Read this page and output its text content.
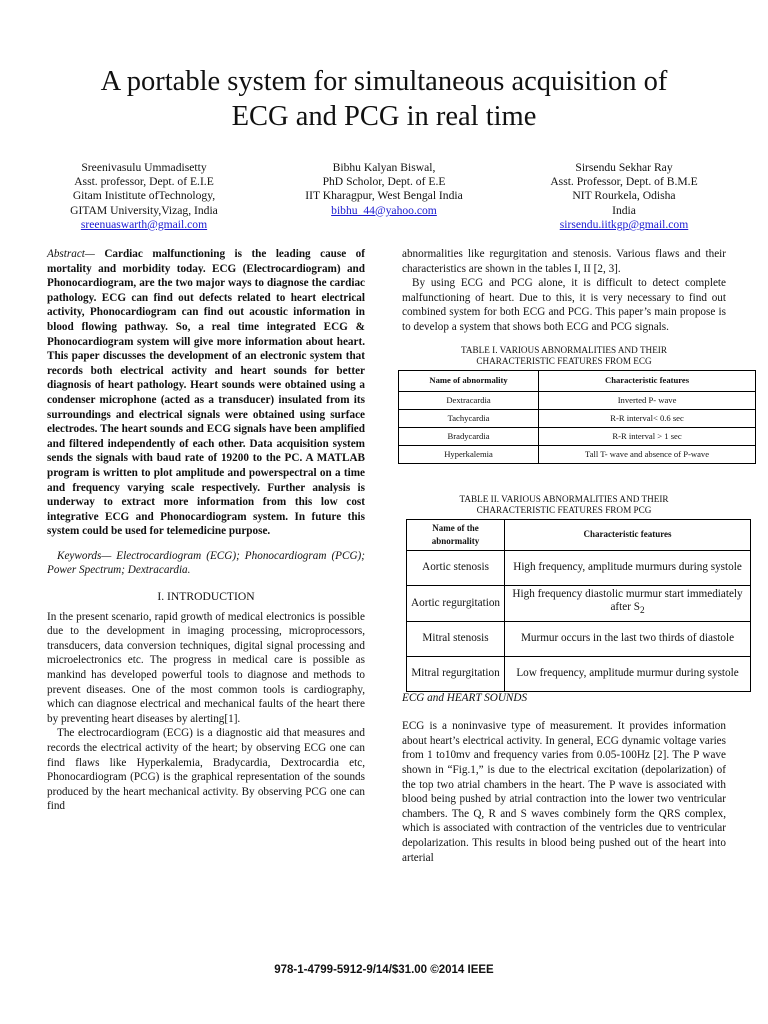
A portable system for simultaneous acquisition of
ECG and PCG in real time
Sreenivasulu Ummadisetty
Asst. professor, Dept. of E.I.E
Gitam Inistitute ofTechnology,
GITAM University,Vizag, India
sreenuaswarth@gmail.com
Bibhu Kalyan Biswal,
PhD Scholor, Dept. of E.E
IIT Kharagpur, West Bengal India
bibhu_44@yahoo.com
Sirsendu Sekhar Ray
Asst. Professor, Dept. of B.M.E
NIT Rourkela, Odisha
India
sirsendu.iitkgp@gmail.com

Abstract— Cardiac malfunctioning is the leading cause of mortality and morbidity today. ECG (Electrocardiogram) and Phonocardiogram, are the two major ways to diagnose the cardiac pathology. ECG can find out defects related to heart electrical activity, Phonocardiogram can find out acoustic information in blood flowing pathway. So, a real time integrated ECG & Phonocardiogram system will give more information about heart. This paper discusses the development of an electronic system that records both electrical activity and heart sounds for better diagnosis of heart pathology. Heart sounds were obtained using a condenser microphone (acted as a transducer) insulated from its surroundings and electrical signals were obtained using surface electrodes. The heart sounds and ECG signals have been amplified and filtered independently of each other. Data acquisition system sends the signals with baud rate of 19200 to the PC. A MATLAB program is written to plot amplitude and powerspectral on a time and frequency varying scale respectively. Further analysis is underway to extract more information from this low cost integrative ECG and Phonocardiogram system. In future this system could be used for telemedicine purpose.

Keywords— Electrocardiogram (ECG); Phonocardiogram (PCG); Power Spectrum; Dextracardia.

I. INTRODUCTION

In the present scenario, rapid growth of medical electronics is possible due to the development in imaging processing, microprocessors, transducers, data conversion techniques, digital signal processing and microelectronics etc. The progress in medical care is possible as mankind has developed powerful tools to diagnose and methods to prevent diseases. One of the most common tools is cardiography, which can diagnose electrical and mechanical faults of the heart there by preventing heart diseases by alerting[1].

The electrocardiogram (ECG) is a diagnostic aid that measures and records the electrical activity of the heart; by observing ECG one can find flaws like Hyperkalemia, Bradycardia, Dextrocardia etc, Phonocardiogram (PCG) is the graphical representation of the sounds produced by the heart mechanical activity. By observing PCG one can find

abnormalities like regurgitation and stenosis. Various flaws and their characteristics are shown in the tables I, II [2, 3].

By using ECG and PCG alone, it is difficult to detect complete malfunctioning of heart. Due to this, it is very necessary to find out combined system for both ECG and PCG. This paper’s main propose is to develop a system that shows both ECG and PCG signals.

TABLE I. VARIOUS ABNORMALITIES AND THEIR
CHARACTERISTIC FEATURES FROM ECG
Name of abnormality	Characteristic features
Dextracardia	Inverted P- wave
Tachycardia	R-R interval< 0.6 sec
Bradycardia	R-R interval > 1 sec
Hyperkalemia	Tall T- wave and absence of P-wave
TABLE II. VARIOUS ABNORMALITIES AND THEIR
CHARACTERISTIC FEATURES FROM PCG
Name of the abnormality	Characteristic features
Aortic stenosis	High frequency, amplitude murmurs during systole
Aortic regurgitation	High frequency diastolic murmur start immediately after $S_2$
Mitral stenosis	Murmur occurs in the last two thirds of diastole
Mitral regurgitation	Low frequency, amplitude murmur during systole

ECG and HEART SOUNDS

ECG is a noninvasive type of measurement. It provides information about heart’s electrical activity. In general, ECG dynamic voltage varies from 1 to10mv and frequency varies from 0.05-100Hz [2]. The P wave shown in “Fig.1,” is due to the electrical excitation (depolarization) of the top two atrial chambers in the heart. The P wave is associated with blood being pushed by atrial contraction into the lower two ventricular chambers. The Q, R and S waves combinely form the QRS complex, which is associated with contraction of the ventricles due to ventricular depolarization. This results in blood being pushed out of the heart into arterial

978-1-4799-5912-9/14/$31.00 ©2014 IEEE
